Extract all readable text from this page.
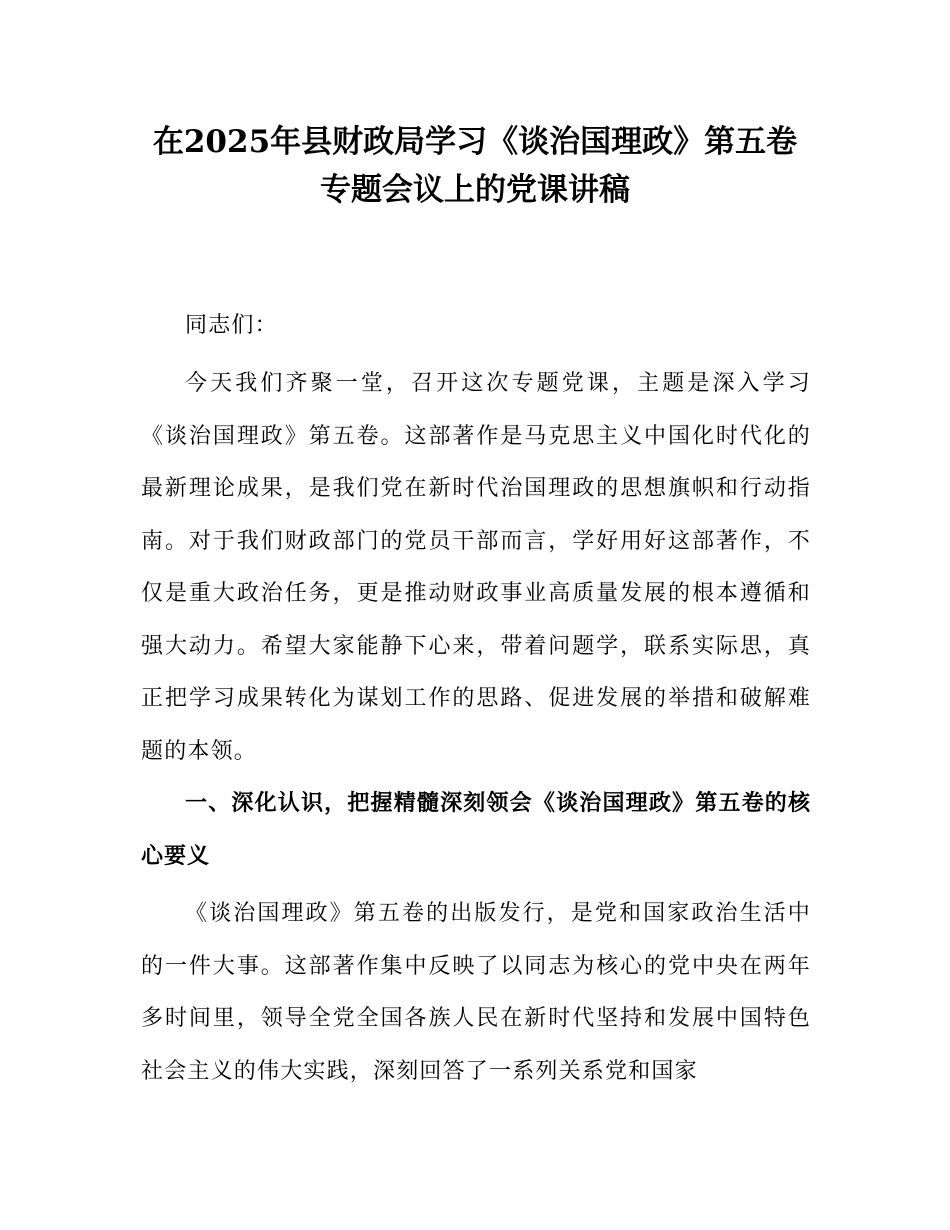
在2025年县财政局学习《谈治国理政》第五卷专题会议上的党课讲稿

同志们：

今天我们齐聚一堂，召开这次专题党课，主题是深入学习《谈治国理政》第五卷。这部著作是马克思主义中国化时代化的最新理论成果，是我们党在新时代治国理政的思想旗帜和行动指南。对于我们财政部门的党员干部而言，学好用好这部著作，不仅是重大政治任务，更是推动财政事业高质量发展的根本遵循和强大动力。希望大家能静下心来，带着问题学，联系实际思，真正把学习成果转化为谋划工作的思路、促进发展的举措和破解难题的本领。

一、深化认识，把握精髓深刻领会《谈治国理政》第五卷的核心要义

《谈治国理政》第五卷的出版发行，是党和国家政治生活中的一件大事。这部著作集中反映了以同志为核心的党中央在两年多时间里，领导全党全国各族人民在新时代坚持和发展中国特色社会主义的伟大实践，深刻回答了一系列关系党和国家
